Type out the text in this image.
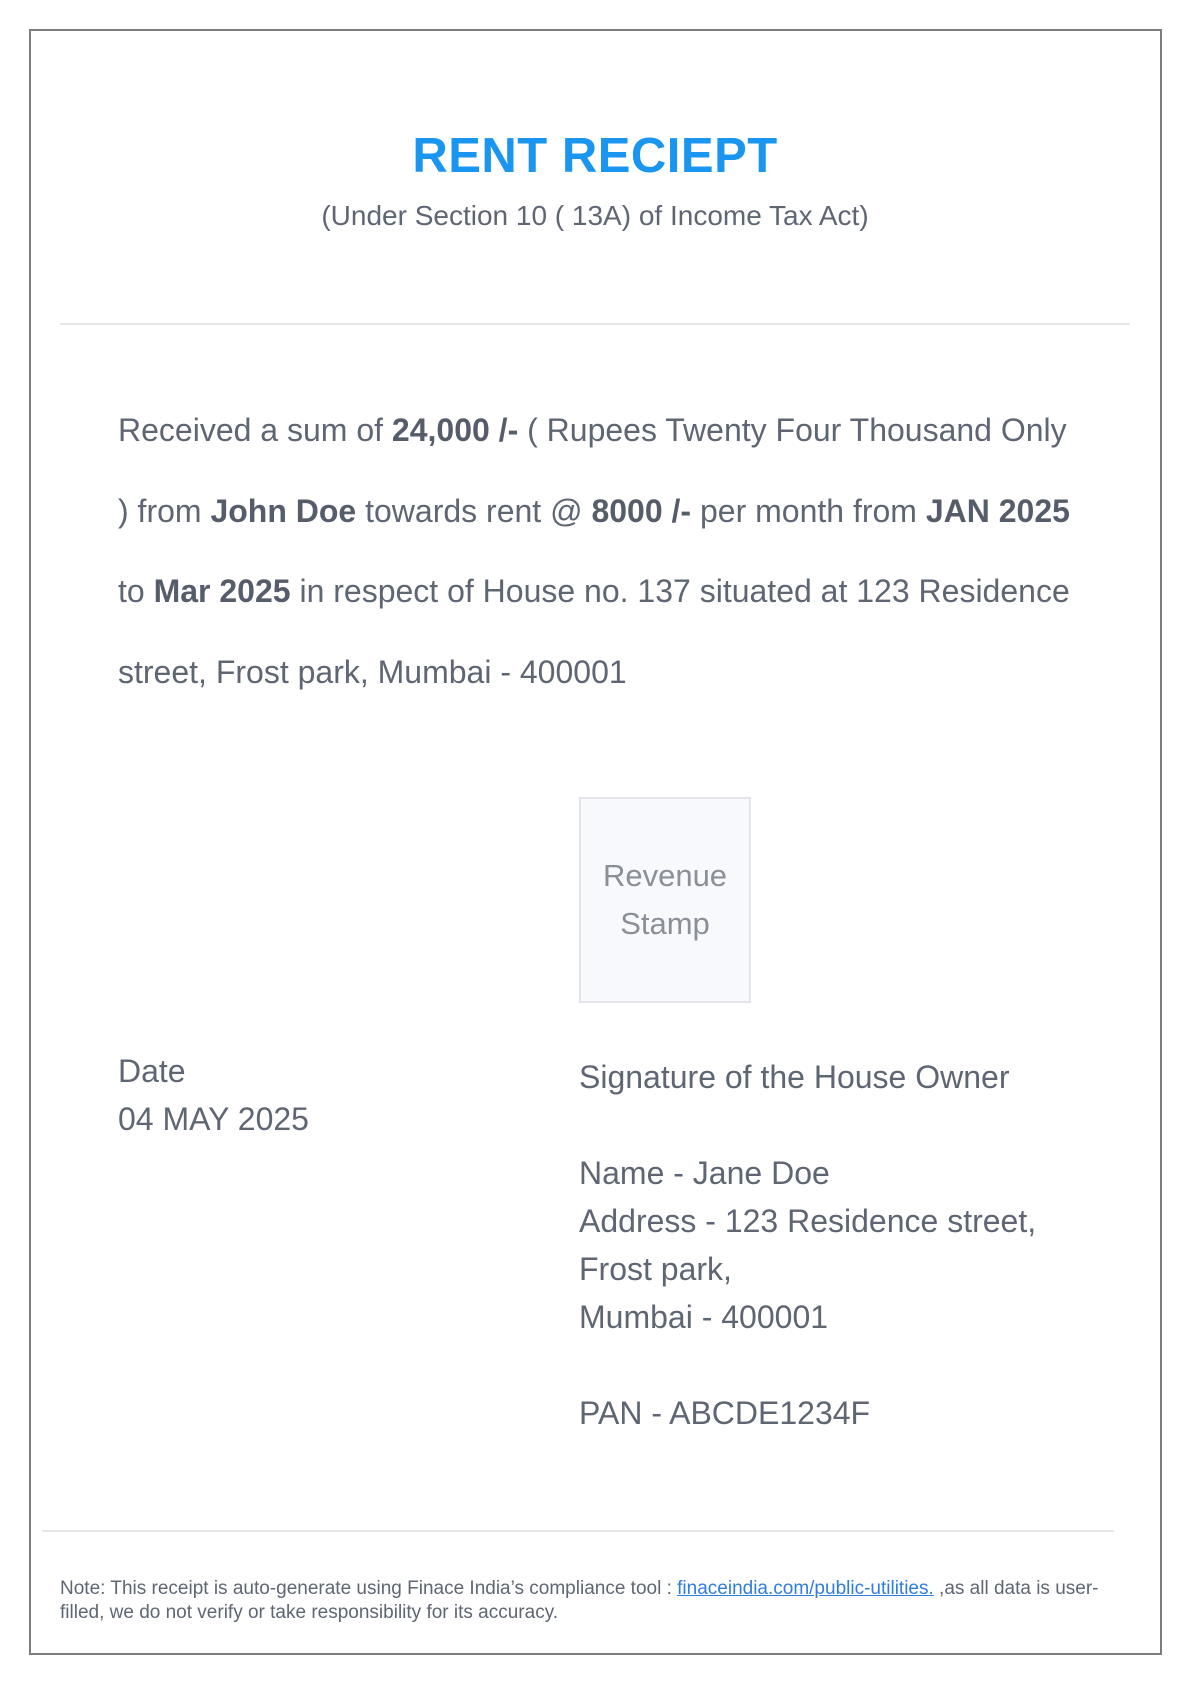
RENT RECIEPT
(Under Section 10 ( 13A) of Income Tax Act)

Received a sum of 24,000 /- ( Rupees Twenty Four Thousand Only ) from John Doe towards rent @ 8000 /- per month from JAN 2025 to Mar 2025 in respect of House no. 137 situated at 123 Residence street, Frost park, Mumbai - 400001

Revenue Stamp
Date
04 MAY 2025
Signature of the House Owner
Name - Jane Doe
Address - 123 Residence street,
Frost park,
Mumbai - 400001
PAN - ABCDE1234F

Note: This receipt is auto-generate using Finace India’s compliance tool : finaceindia.com/public-utilities. ,as all data is user-filled, we do not verify or take responsibility for its accuracy.
